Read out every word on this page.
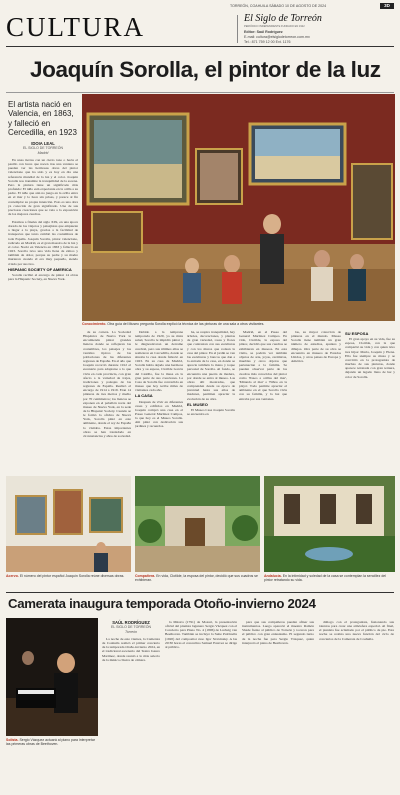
TORREÓN, COAHUILA SÁBADO 10 DE AGOSTO DE 2024	3D
CULTURA	El Siglo de Torreón
PERIÓDICO INDEPENDIENTE FUNDADO EN 1922
Editor: Saúl Rodríguez
E-mail: cultura@elsiglodetorreon.com.mx
Tel.: 871 759 12 00 Ext. 1176
Joaquín Sorolla, el pintor de la luz
El artista nació en Valencia, en 1863, y falleció en Cercedilla, en 1923
IDOIA LEAL
EL SIGLO DE TORREÓN
Madrid

En unas tierras con un cierto tono o hacia el pasillo con luces que nacen tras una ventana se pueden ver las hermosas obras del pintor valenciano que ha sido y es hoy en día una referencia mundial de la luz y el color. Joaquín Sorolla nos transmite la tranquilidad de la escena. Pero la pintura tiene un significado más profundo: El niño está expectante en la orilla a su padre. El niño que aún no juega en la orilla entra en el mar y lo hace sin prisas, y parece al fin contemplar su propia intención. Esto es una obra ya conocida de gran significado. Una de sus preciosas creaciones que se veía a la exposición de los mejores cuadros.

Conocimiento. Otra guía del Museo pregunta Sorolla explicó la técnica de las pinturas de una sala a otros visitantes.

Estamos a finales del siglo XIX, en una época dorada de los viajeros y paisajistas que empiezan a llegar a la playa, gracias a la facilidad de transportes que tanto cambió las costumbres de toda España. Joaquín Sorolla, pintor valenciano, radicado en Madrid, es el gran maestro de la luz y el color. Nació en Valencia en 1863 y falleció en 1923. Sorolla tuvo una vida llena de éxitos y también de dolor, porque su padre y su madre murieron cuando él era muy pequeño, siendo criado por sus tíos.

HISPANIC SOCIETY OF AMERICA

Sorolla recibió el encargo de pintar 14 obras para la Hispanic Society, en Nueva York.

de su carrera. La Sociedad Hispánica de Nueva York le encomienda pintar grandes lienzos donde se reflejaran las costumbres, los paisajes y los vestidos típicos de las poblaciones de las diferentes regiones de España. En el año que Joaquín recorrió durante 1912 el escenario para adaptarse a lo que vivía en cada provincia, con gran afecto a la variedad de trajes, tradiciones y paisajes de las regiones de España. Realizó el encargo de 1914 a 1919. Eran 14 pinturas de tres metros y medio por 70 centímetros; los lienzos se exponen en el pabellón norte del museo de Nueva York, en la sede de la Hispanic Society. Cuando se le formó la oficina de Nueva York, Sorolla pintó en este ambiente, donde el rey de España lo visitaba. Estas importantes obras se han trasladado en circunstancias y años de sociedad.

Debido a la temprana temporada de 1920, ya su mala salud, Sorolla le impidió pintar y le diagnosticaron un derrame cerebral, pero sus últimos años se realizaron en Cercedilla, donde se situaba la casa donde falleció en 1923. En su casa de Madrid, Sorolla había dejado una hermosa obra y su esposa, Clotilde García del Castillo, fue la musa en la gran parte de sus creaciones. La Casa de Sorolla fue convertida en museo que hoy recibe miles de visitantes cada año.

LA CASA

Después de vivir en diferentes casas y edificios en Madrid, Joaquín compró una casa en el Paseo General Martínez Campos, la que hoy es el Museo Sorolla. Ahí pintó con dedicación sus jardines y recuerdos.

ha, se respira tranquilidad, hay árboles, decoraciones, y plantas de gran variedad, rosas y flores que contrastan con sus esculturas y con los muros que rodean la casa del pintor. En el jardín se ven las esculturas y bancos que dan a la entrada de la casa, en donde se aprecia también la mano y toque personal de Sorolla. Al fondo, se encuentra una puerta de madera, por donde se entra al museo. Las obras allí mostradas, que comprenden desde su época de juventud hasta sus años de madurez, permiten apreciar la evolución de su obra.

EL MUSEO

El Museo Casa Joaquín Sorolla se encuentra en

Madrid, en el Paseo del General Martínez Campos. En vida, Clotilde, la esposa del pintor, decidió que sus cuadros se exhibieran en museos. En esta visita, se podrán ver también objetos de arte, joyas, cerámicas, muebles y otros objetos que pertenecían a la familia. Se pueden observar parte de los cuadros más conocidos del pintor como 'Paseo a orillas del mar', 'Mirando al mar' o 'Niños en la playa'. Todo permite apreciar el ambiente en el que Sorolla vivía con su familia, y la luz que entraba por sus ventanas.

las, su mayor colección de pinturas en el mundo. Museo Sorolla tiene también un gran número de estudios, apuntes y dibujos. Otra parte de su obra se encuentra en museos de Estados Unidos, y otros países de Europa y América.

SU ESPOSA

El gran apoyo en su vida, fue su esposa, Clotilde, con la que compartió su vida y con quien tuvo tres hijos: María, Joaquín y Elena. Ella fue siempre su musa y se convirtió en la protagonista de muchas de sus pinturas, donde aparece retratada con gran ternura, dejando un legado lleno de luz y color de Sorolla.

Acervo. El número del pintor español Joaquín Sorolla reúne diversas obras.	Compañera. En vida, Clotilde, la esposa del pintor, decidió que sus cuadros se exhibieran.
Andalucía. En la intimidad y soledad de la casa se contemplan la sencillez del pintor retratando su vida.
Camerata inaugura temporada Otoño-invierno 2024
Solista. Sergio Vázquez actuará al piano para interpretar las primeras obras de Beethoven.
SAÚL RODRÍGUEZ
EL SIGLO DE TORREÓN
Torreón

La noche de este viernes, la Camerata de Coahuila realizó el primer concierto de la temporada Otoño-invierno 2024, en el tradicional escenario del Teatro Isauro Martínez, donde reunió a lo más selecto de la música clásica de cámara.

la Música (1791) de Mozart, la presentación oficial del pianista lagunero Sergio Vázquez con el Concierto para Piano No. 4 (1806) de Ludwig van Beethoven. También se incluyó la Suite Pulcinella (1920) del compositor ruso Igor Stravinsky. A las 20:30 horas el concertino Samuel Estevez se dirige al público.

para que sus compañeros puedan afinar sus instrumentos. Luego apareció el maestro Ramón Shade frente al público de Torreón y tocaron para el público con gran entusiasmo. El segundo turno de la noche fue para Sergio Vázquez, quien interpretó el piano de Beethoven.

diálogo con el protagonista, fusionando sus talentos para crear una atmósfera especial. Al final, el pianista fue aclamado por el público de pie. Esta noche se realiza una nueva función del ciclo de conciertos de la Camerata de Coahuila.
